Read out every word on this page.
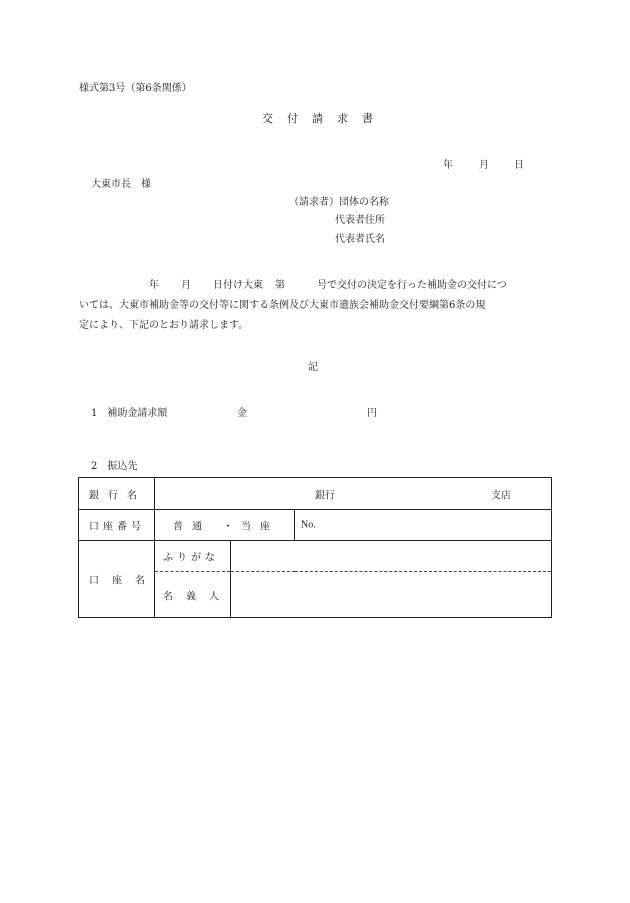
様式第3号（第6条関係）
交付請求書
年	月	日
大東市長　様
（請求者）団体の名称
代表者住所
代表者氏名
年 月 日付け大東 第	号で交付の決定を行った補助金の交付につ
いては、大東市補助金等の交付等に関する条例及び大東市遺族会補助金交付要綱第6条の規
定により、下記のとおり請求します。
記
1　補助金請求額	金	円
2　振込先
銀行名	銀行 支店		

口座番号	普通 ・ 当座		No.

口座名	ふりがな		

	名義人		
